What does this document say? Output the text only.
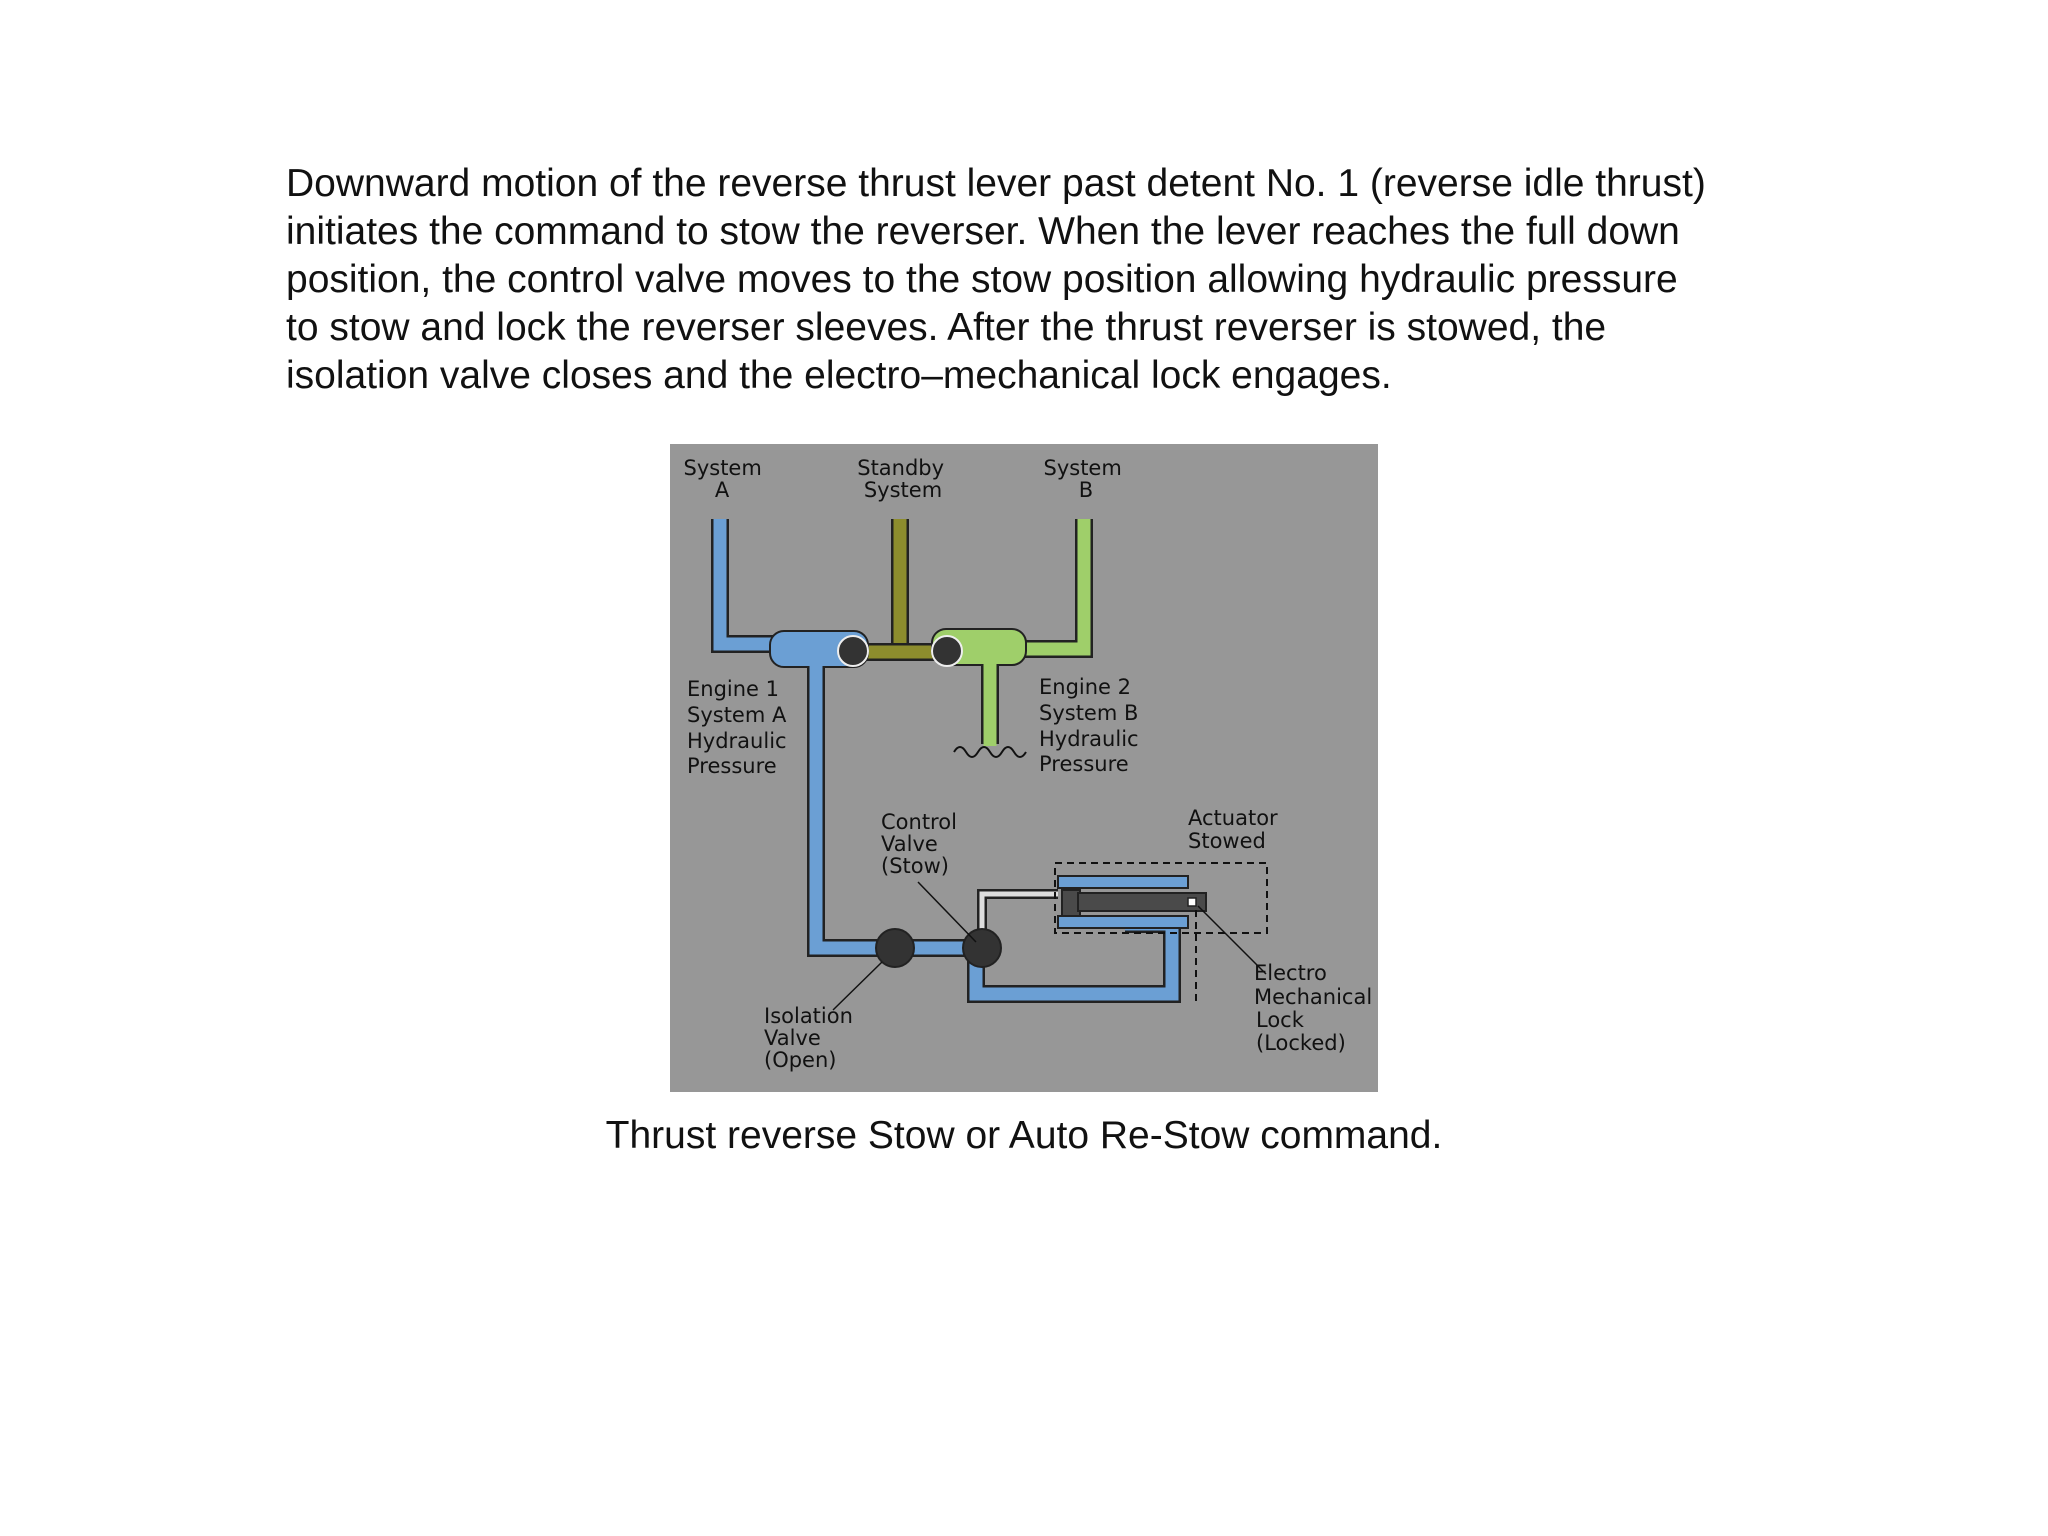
Downward motion of the reverse thrust lever past detent No. 1 (reverse idle thrust)
initiates the command to stow the reverser. When the lever reaches the full down
position, the control valve moves to the stow position allowing hydraulic pressure
to stow and lock the reverser sleeves. After the thrust reverser is stowed, the
isolation valve closes and the electro–mechanical lock engages.
System A
Standby System
System B
Engine 1 System A Hydraulic Pressure
Engine 2 System B Hydraulic Pressure
Control Valve (Stow)
Actuator Stowed
Isolation Valve (Open)
Electro Mechanical Lock (Locked)
Thrust reverse Stow or Auto Re-Stow command.
